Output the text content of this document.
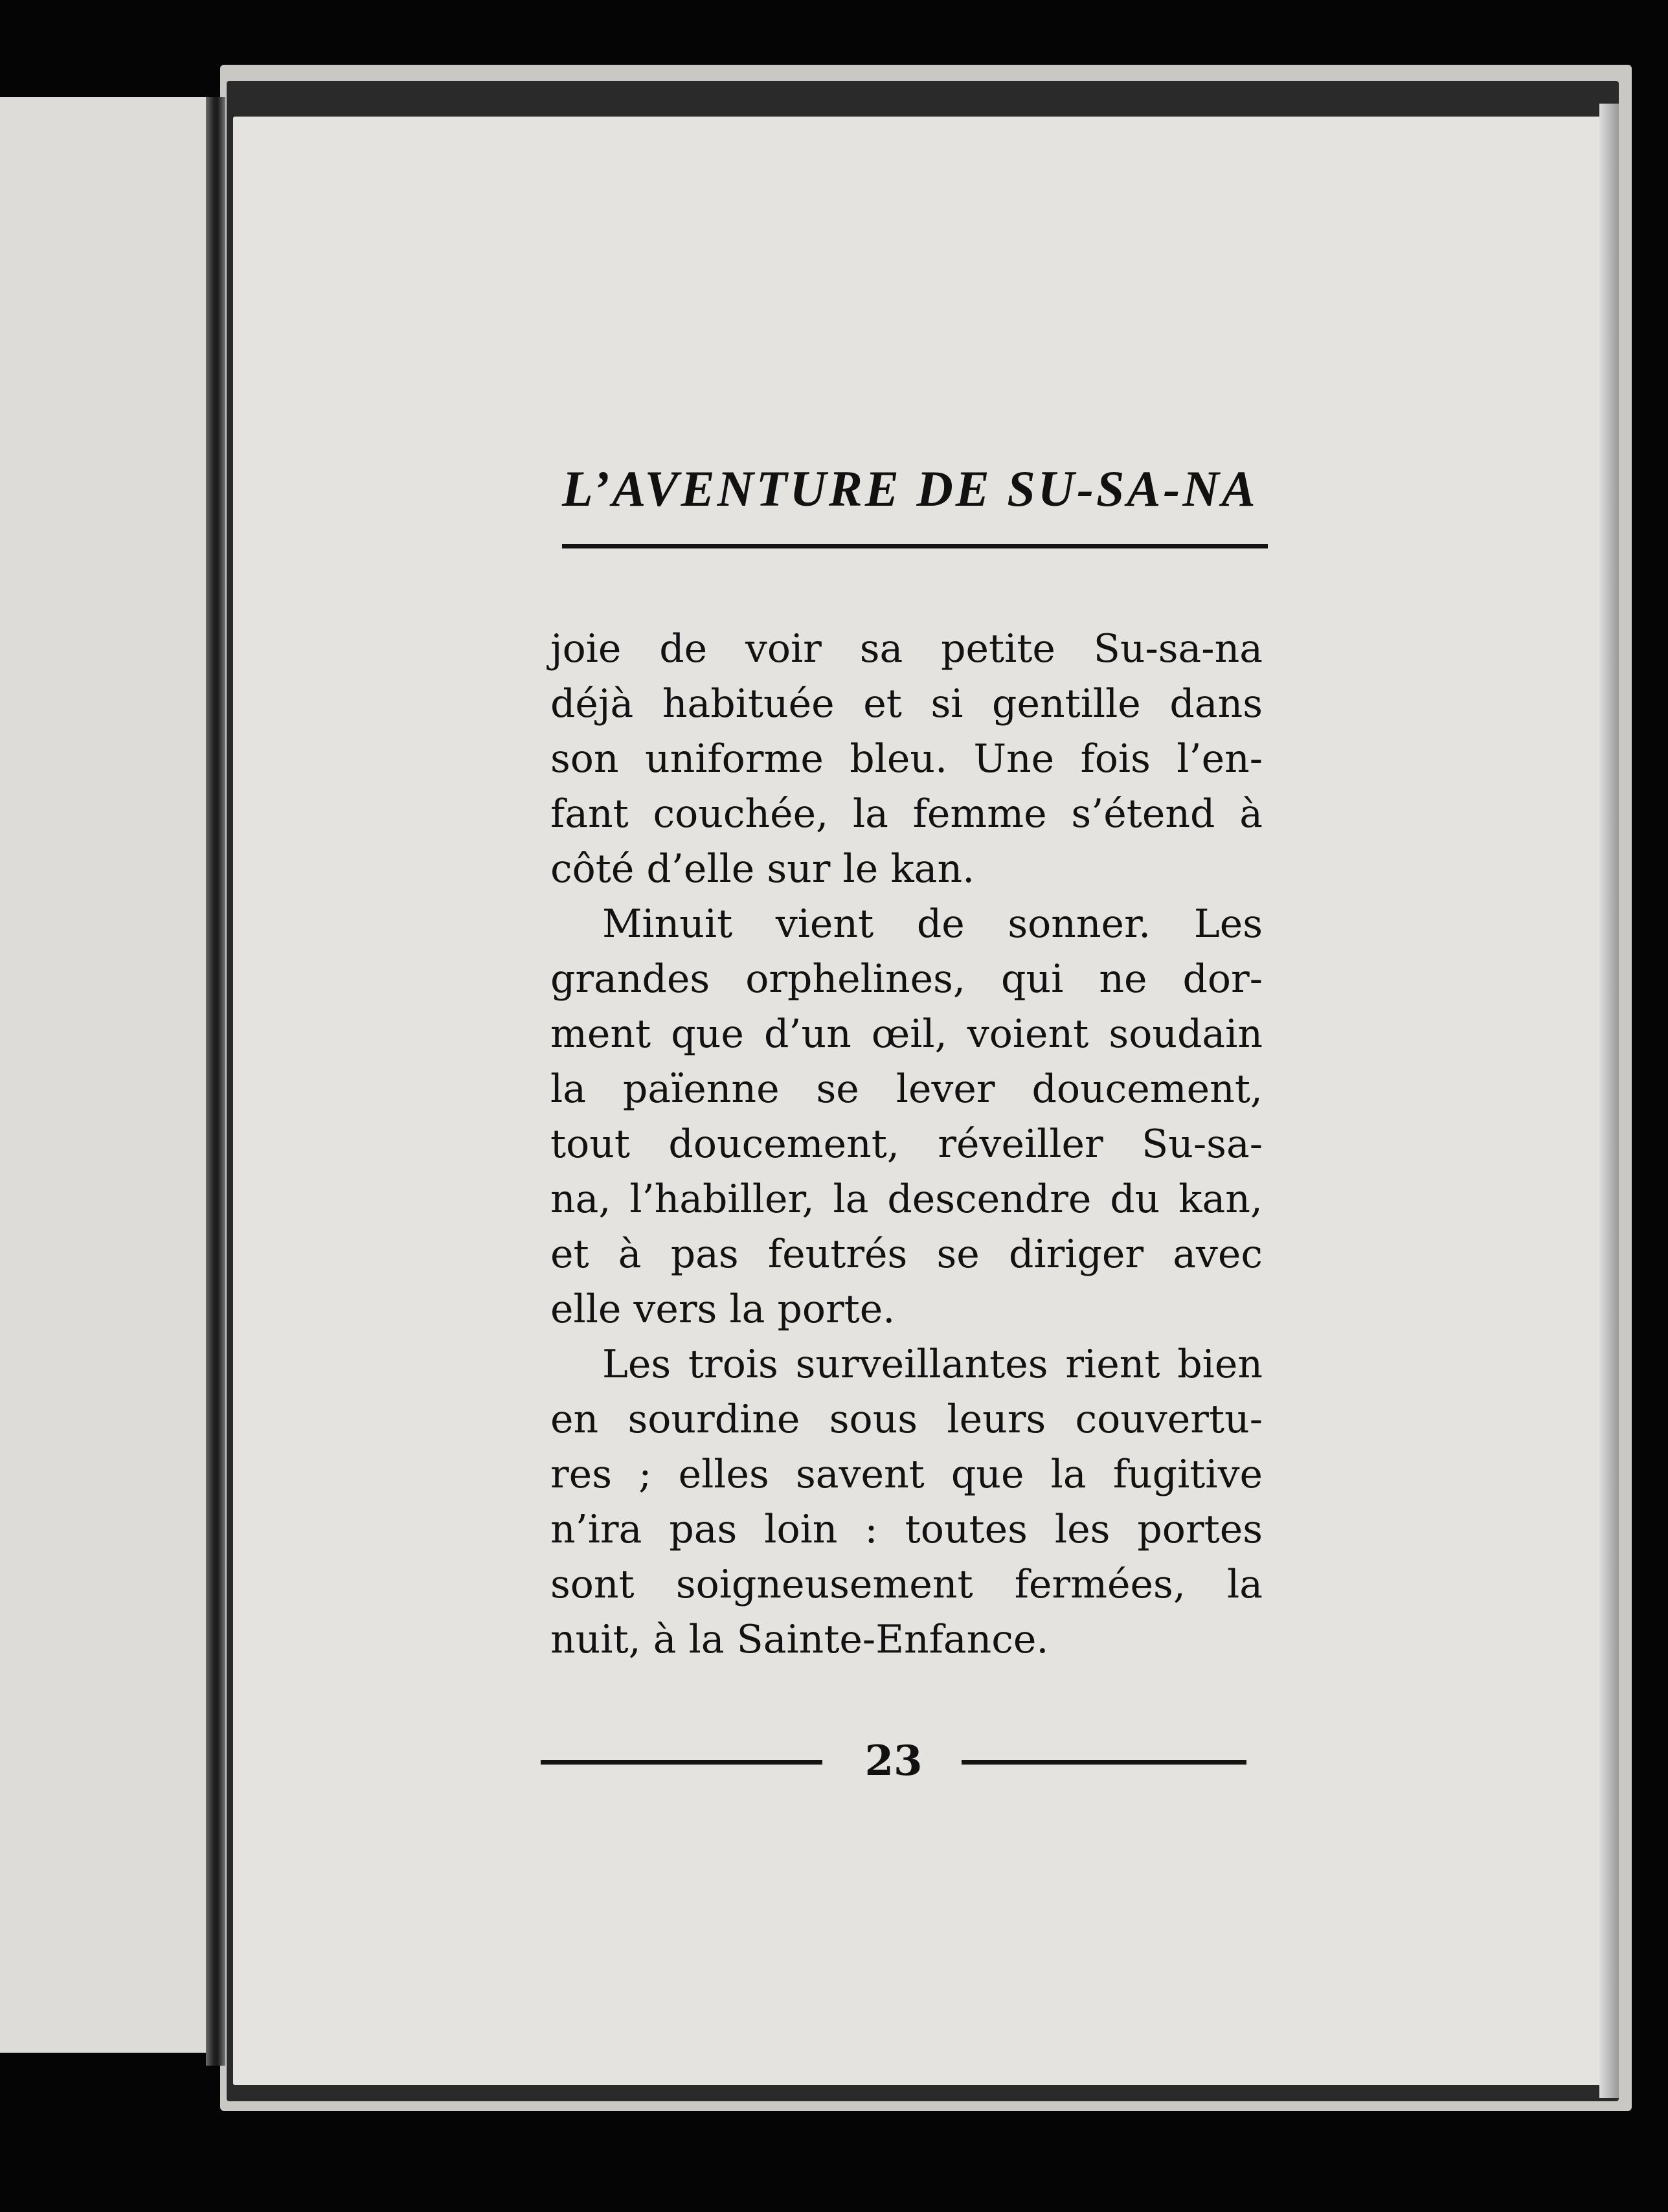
L’AVENTURE DE SU-SA-NA

joie de voir sa petite Su-sa-na
déjà habituée et si gentille dans
son uniforme bleu. Une fois l’en-
fant couchée, la femme s’étend à
côté d’elle sur le kan.

Minuit vient de sonner. Les
grandes orphelines, qui ne dor-
ment que d’un œil, voient soudain
la païenne se lever doucement,
tout doucement, réveiller Su-sa-
na, l’habiller, la descendre du kan,
et à pas feutrés se diriger avec
elle vers la porte.

Les trois surveillantes rient bien
en sourdine sous leurs couvertu-
res ; elles savent que la fugitive
n’ira pas loin : toutes les portes
sont soigneusement fermées, la
nuit, à la Sainte-Enfance.

23
